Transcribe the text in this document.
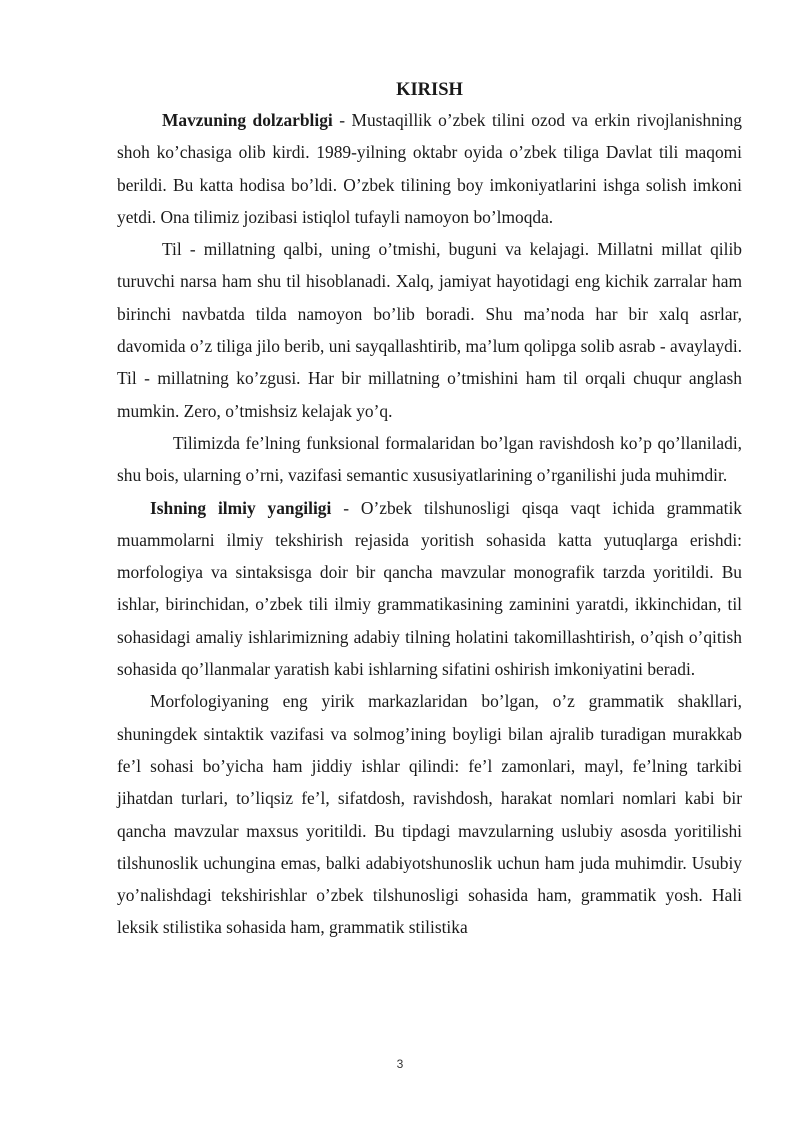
KIRISH

Mavzuning dolzarbligi - Mustaqillik o’zbek tilini ozod va erkin rivojlanishning shoh ko’chasiga olib kirdi. 1989-yilning oktabr oyida o’zbek tiliga Davlat tili maqomi berildi. Bu katta hodisa bo’ldi. O’zbek tilining boy imkoniyatlarini ishga solish imkoni yetdi. Ona tilimiz jozibasi istiqlol tufayli namoyon bo’lmoqda.

Til - millatning qalbi, uning o’tmishi, buguni va kelajagi. Millatni millat qilib turuvchi narsa ham shu til hisoblanadi. Xalq, jamiyat hayotidagi eng kichik zarralar ham birinchi navbatda tilda namoyon bo’lib boradi. Shu ma’noda har bir xalq asrlar, davomida o’z tiliga jilo berib, uni sayqallashtirib, ma’lum qolipga solib asrab - avaylaydi. Til - millatning ko’zgusi. Har bir millatning o’tmishini ham til orqali chuqur anglash mumkin. Zero, o’tmishsiz kelajak yo’q.

Tilimizda fe’lning funksional formalaridan bo’lgan ravishdosh ko’p qo’llaniladi, shu bois, ularning o’rni, vazifasi semantic xususiyatlarining o’rganilishi juda muhimdir.

Ishning ilmiy yangiligi - O’zbek tilshunosligi qisqa vaqt ichida grammatik muammolarni ilmiy tekshirish rejasida yoritish sohasida katta yutuqlarga erishdi: morfologiya va sintaksisga doir bir qancha mavzular monografik tarzda yoritildi. Bu ishlar, birinchidan, o’zbek tili ilmiy grammatikasining zaminini yaratdi, ikkinchidan, til sohasidagi amaliy ishlarimizning adabiy tilning holatini takomillashtirish, o’qish o’qitish sohasida qo’llanmalar yaratish kabi ishlarning sifatini oshirish imkoniyatini beradi.

Morfologiyaning eng yirik markazlaridan bo’lgan, o’z grammatik shakllari, shuningdek sintaktik vazifasi va solmog’ining boyligi bilan ajralib turadigan murakkab fe’l sohasi bo’yicha ham jiddiy ishlar qilindi: fe’l zamonlari, mayl, fe’lning tarkibi jihatdan turlari, to’liqsiz fe’l, sifatdosh, ravishdosh, harakat nomlari nomlari kabi bir qancha mavzular maxsus yoritildi. Bu tipdagi mavzularning uslubiy asosda yoritilishi tilshunoslik uchungina emas, balki adabiyotshunoslik uchun ham juda muhimdir. Usubiy yo’nalishdagi tekshirishlar o’zbek tilshunosligi sohasida ham, grammatik yosh. Hali leksik stilistika sohasida ham, grammatik stilistika

3
